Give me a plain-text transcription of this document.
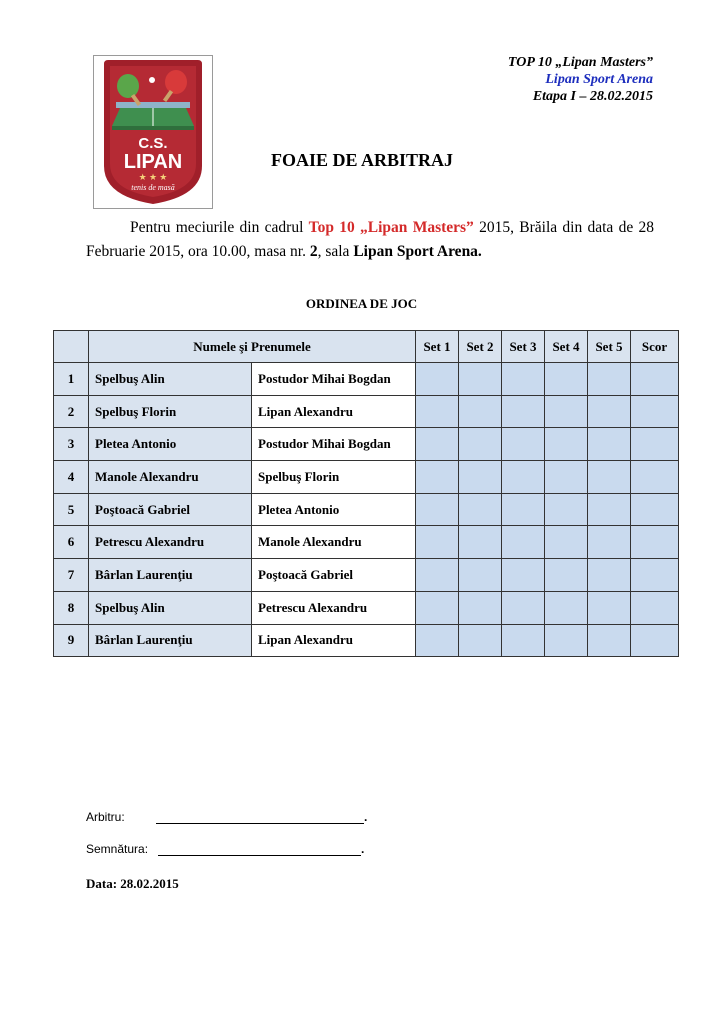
TOP 10 „Lipan Masters”
Lipan Sport Arena
Etapa I – 28.02.2015
C.S.
LIPAN
★ ★ ★
tenis de masă
FOAIE DE ARBITRAJ
Pentru meciurile din cadrul Top 10 „Lipan Masters” 2015, Brăila din data de 28 Februarie 2015, ora 10.00, masa nr. 2, sala Lipan Sport Arena.
ORDINEA DE JOC
	Numele şi Prenumele		Set 1	Set 2	Set 3	Set 4	Set 5	Scor
1	Spelbuş Alin	Postudor Mihai Bogdan						
2	Spelbuş Florin	Lipan Alexandru						
3	Pletea Antonio	Postudor Mihai Bogdan						
4	Manole Alexandru	Spelbuş Florin						
5	Poştoacă Gabriel	Pletea Antonio						
6	Petrescu Alexandru	Manole Alexandru						
7	Bârlan Laurenţiu	Poştoacă Gabriel						
8	Spelbuş Alin	Petrescu Alexandru						
9	Bârlan Laurenţiu	Lipan Alexandru						
Arbitru:	.
Semnătura:	.
Data: 28.02.2015
